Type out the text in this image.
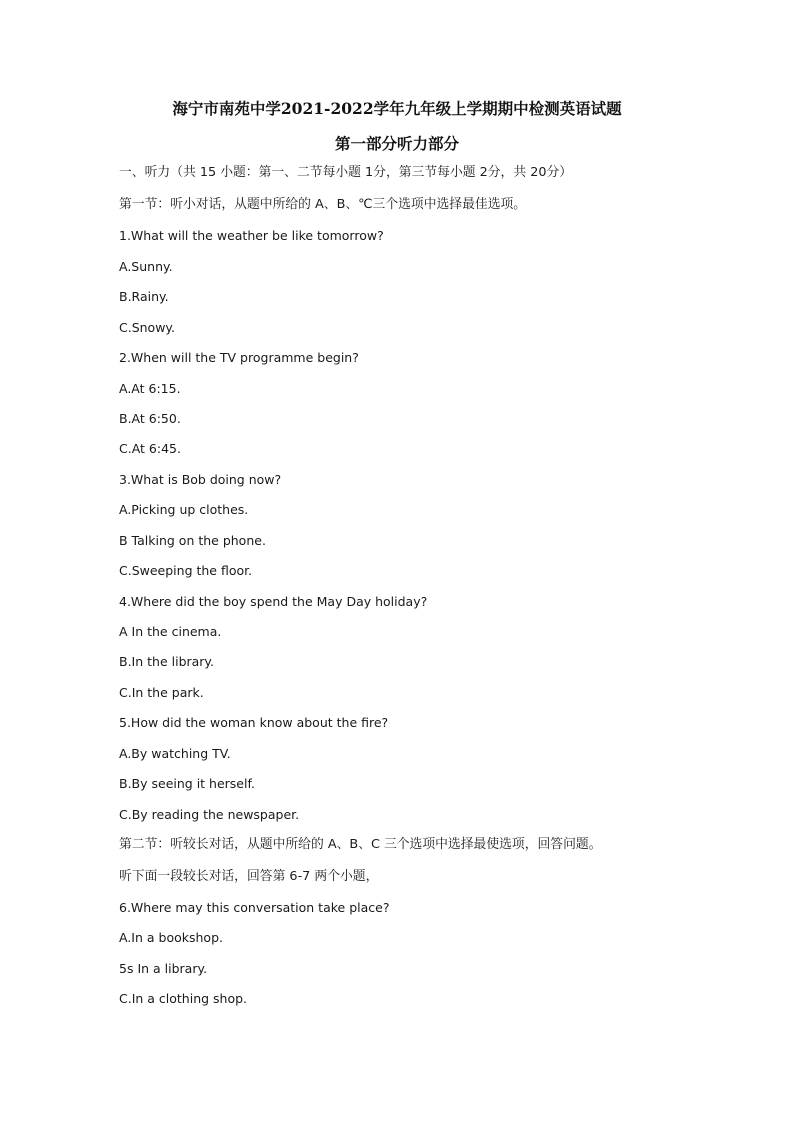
海宁市南苑中学2021-2022学年九年级上学期期中检测英语试题
第一部分听力部分
一、听力（共 15 小题：第一、二节每小题 1分，第三节每小题 2分，共 20分）
第一节：听小对话，从题中所给的 A、B、℃三个选项中选择最佳选项。
1.What will the weather be like tomorrow?
A.Sunny.
B.Rainy.
C.Snowy.
2.When will the TV programme begin?
A.At 6:15.
B.At 6:50.
C.At 6:45.
3.What is Bob doing now?
A.Picking up clothes.
B Talking on the phone.
C.Sweeping the floor.
4.Where did the boy spend the May Day holiday?
A In the cinema.
B.In the library.
C.In the park.
5.How did the woman know about the fire?
A.By watching TV.
B.By seeing it herself.
C.By reading the newspaper.
第二节：听较长对话，从题中所给的 A、B、C 三个选项中选择最使选项，回答问题。
听下面一段较长对话，回答第 6-7 两个小题，
6.Where may this conversation take place?
A.In a bookshop.
5s In a library.
C.In a clothing shop.
